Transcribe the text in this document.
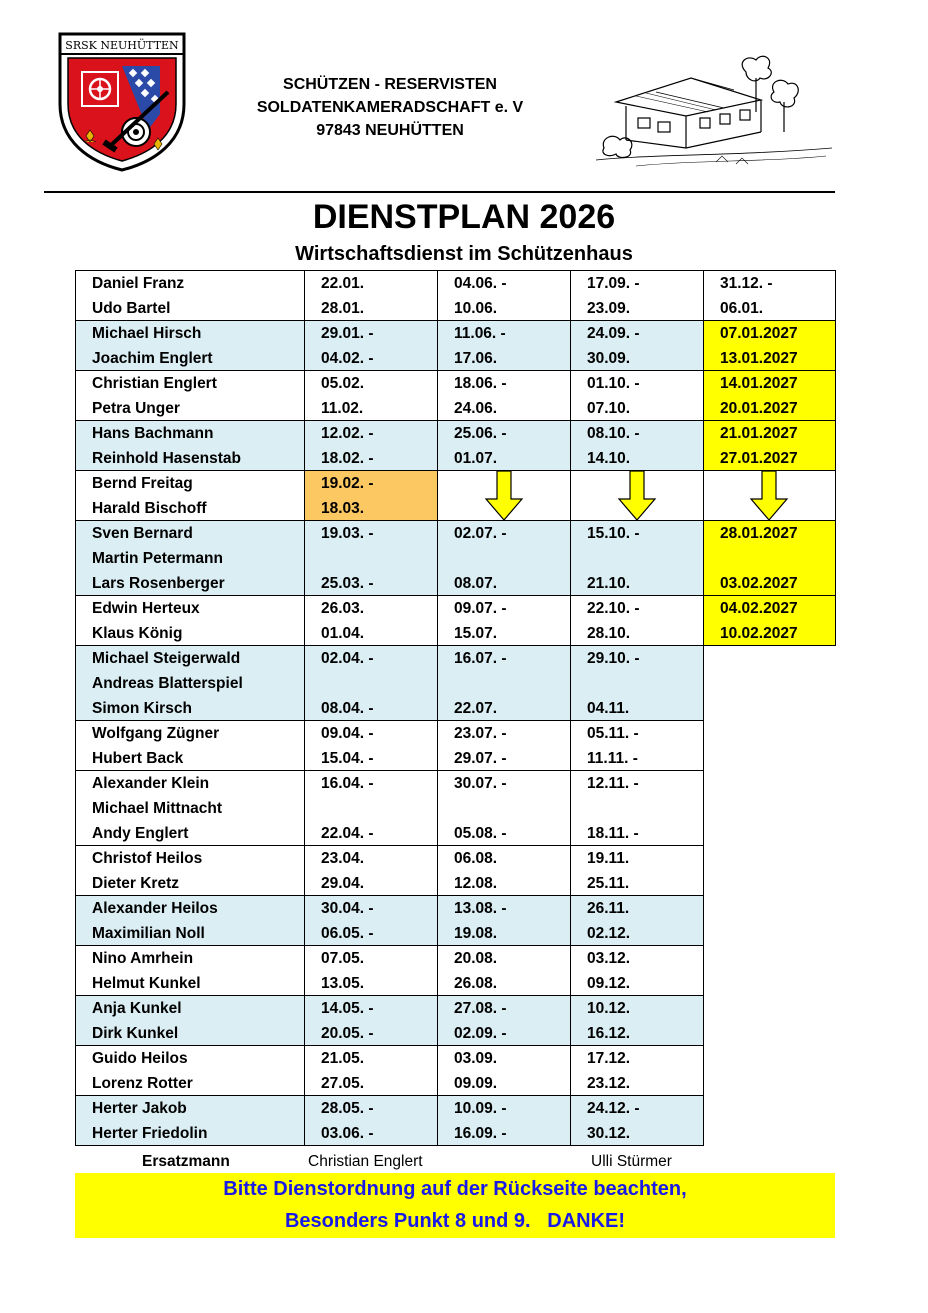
SRSK NEUHÜTTEN
SCHÜTZEN - RESERVISTEN
SOLDATENKAMERADSCHAFT e. V
97843 NEUHÜTTEN
DIENSTPLAN 2026
Wirtschaftsdienst im Schützenhaus
Daniel Franz
Udo Bartel
22.01.
28.01.
04.06. -
10.06.
17.09. -
23.09.
31.12. -
06.01.
Michael Hirsch
Joachim Englert
29.01. -
04.02. -
11.06. -
17.06.
24.09. -
30.09.
07.01.2027
13.01.2027
Christian Englert
Petra Unger
05.02.
11.02.
18.06. -
24.06.
01.10. -
07.10.
14.01.2027
20.01.2027
Hans Bachmann
Reinhold Hasenstab
12.02. -
18.02. -
25.06. -
01.07.
08.10. -
14.10.
21.01.2027
27.01.2027
Bernd Freitag
Harald Bischoff
19.02. -
18.03.
Sven Bernard
Martin Petermann
Lars Rosenberger
19.03. -
25.03. -
02.07. -
08.07.
15.10. -
21.10.
28.01.2027
03.02.2027
Edwin Herteux
Klaus König
26.03.
01.04.
09.07. -
15.07.
22.10. -
28.10.
04.02.2027
10.02.2027
Michael Steigerwald
Andreas Blatterspiel
Simon Kirsch
02.04. -
08.04. -
16.07. -
22.07.
29.10. -
04.11.
Wolfgang Zügner
Hubert Back
09.04. -
15.04. -
23.07. -
29.07. -
05.11. -
11.11. -
Alexander Klein
Michael Mittnacht
Andy Englert
16.04. -
22.04. -
30.07. -
05.08. -
12.11. -
18.11. -
Christof Heilos
Dieter Kretz
23.04.
29.04.
06.08.
12.08.
19.11.
25.11.
Alexander Heilos
Maximilian Noll
30.04. -
06.05. -
13.08. -
19.08.
26.11.
02.12.
Nino Amrhein
Helmut Kunkel
07.05.
13.05.
20.08.
26.08.
03.12.
09.12.
Anja Kunkel
Dirk Kunkel
14.05. -
20.05. -
27.08. -
02.09. -
10.12.
16.12.
Guido Heilos
Lorenz Rotter
21.05.
27.05.
03.09.
09.09.
17.12.
23.12.
Herter Jakob
Herter Friedolin
28.05. -
03.06. -
10.09. -
16.09. -
24.12. -
30.12.
Ersatzmann	Christian Englert	Ulli Stürmer
Bitte Dienstordnung auf der Rückseite beachten,
Besonders Punkt 8 und 9.   DANKE!
